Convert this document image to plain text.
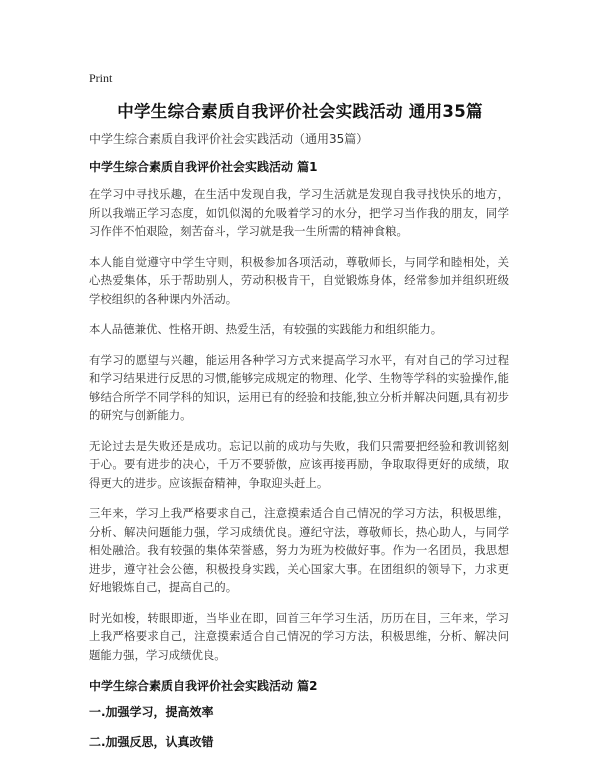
Print
中学生综合素质自我评价社会实践活动 通用35篇
中学生综合素质自我评价社会实践活动（通用35篇）
中学生综合素质自我评价社会实践活动 篇1

在学习中寻找乐趣，在生活中发现自我，学习生活就是发现自我寻找快乐的地方，所以我端正学习态度，如饥似渴的允吸着学习的水分，把学习当作我的朋友，同学习作伴不怕艰险，刻苦奋斗，学习就是我一生所需的精神食粮。

本人能自觉遵守中学生守则，积极参加各项活动，尊敬师长，与同学和睦相处，关心热爱集体，乐于帮助别人，劳动积极肯干，自觉锻炼身体，经常参加并组织班级学校组织的各种课内外活动。

本人品德兼优、性格开朗、热爱生活，有较强的实践能力和组织能力。

有学习的愿望与兴趣，能运用各种学习方式来提高学习水平，有对自己的学习过程和学习结果进行反思的习惯,能够完成规定的物理、化学、生物等学科的实验操作,能够结合所学不同学科的知识，运用已有的经验和技能,独立分析并解决问题,具有初步的研究与创新能力。

无论过去是失败还是成功。忘记以前的成功与失败，我们只需要把经验和教训铭刻于心。要有进步的决心，千万不要骄傲，应该再接再励，争取取得更好的成绩，取得更大的进步。应该振奋精神，争取迎头赶上。

三年来，学习上我严格要求自己，注意摸索适合自己情况的学习方法，积极思维，分析、解决问题能力强，学习成绩优良。遵纪守法，尊敬师长，热心助人，与同学相处融洽。我有较强的集体荣誉感，努力为班为校做好事。作为一名团员，我思想进步，遵守社会公德，积极投身实践，关心国家大事。在团组织的领导下，力求更好地锻炼自己，提高自己的。

时光如梭，转眼即逝，当毕业在即，回首三年学习生活，历历在目，三年来，学习上我严格要求自己，注意摸索适合自己情况的学习方法，积极思维，分析、解决问题能力强，学习成绩优良。

中学生综合素质自我评价社会实践活动 篇2
一.加强学习，提高效率
二.加强反思，认真改错
